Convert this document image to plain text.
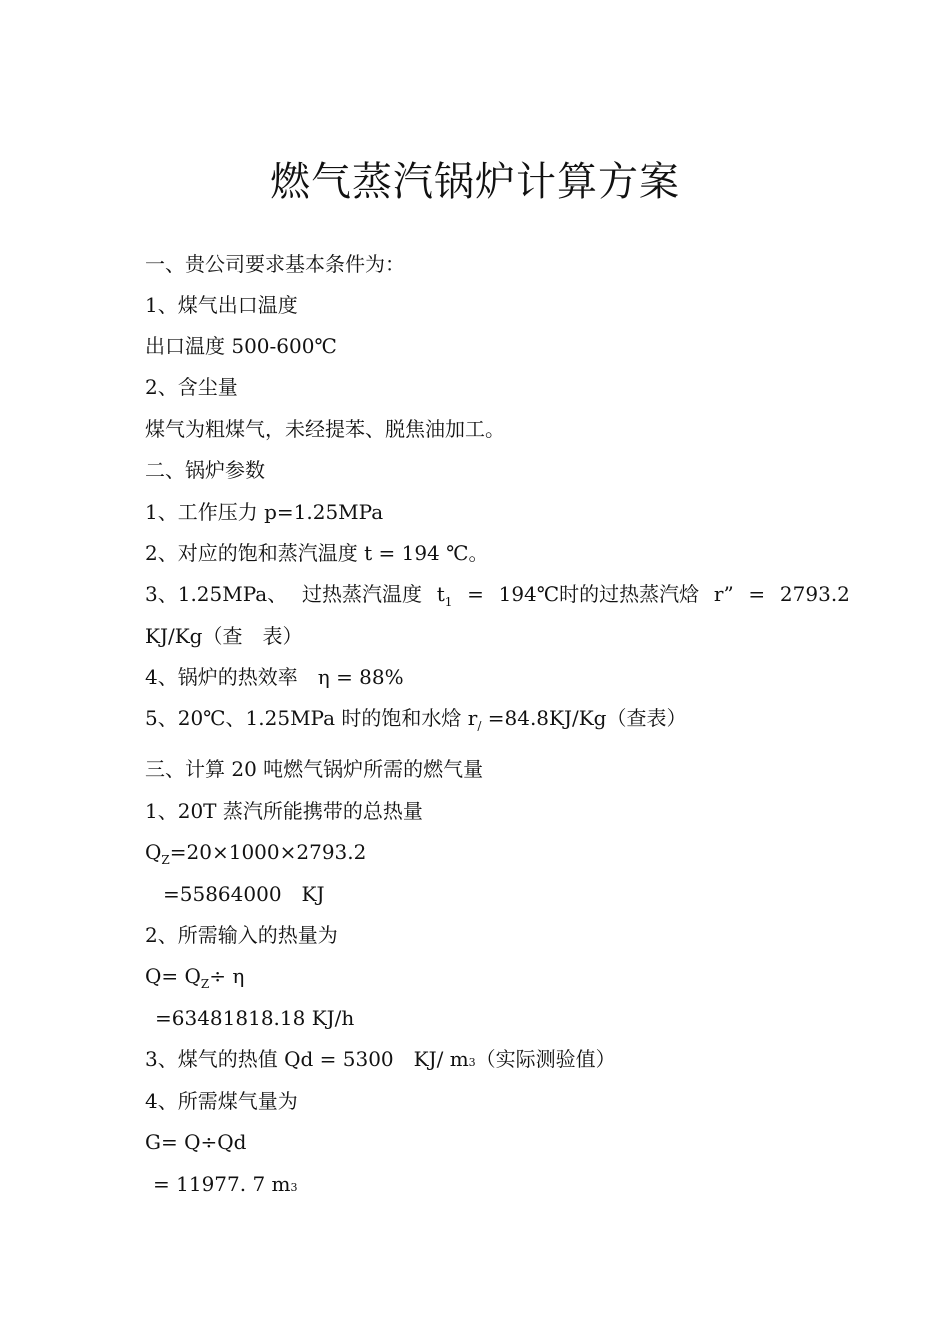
燃气蒸汽锅炉计算方案
一、贵公司要求基本条件为：
1、煤气出口温度
出口温度 500-600℃
2、含尘量
煤气为粗煤气，未经提苯、脱焦油加工。
二、锅炉参数
1、工作压力 p=1.25MPa
2、对应的饱和蒸汽温度 t = 194 ℃。
3、1.25MPa、 过热蒸汽温度 $t_1$ = 194℃时的过热蒸汽焓 r” = 2793.2
KJ/Kg（查　表）
4、锅炉的热效率　η = 88%
5、20℃、1.25MPa 时的饱和水焓 $r_/ =84.8KJ/Kg$（查表）
三、计算 20 吨燃气锅炉所需的燃气量
1、20T 蒸汽所能携带的总热量
$Q_Z=20\times 1000\times 2793.2$
=55864000　KJ
2、所需输入的热量为
$Q= Q_Z\div \eta$
=63481818.18 KJ/h
3、煤气的热值 Qd = 5300　KJ/ m3（实际测验值）
4、所需煤气量为
G= Q÷Qd
= 11977. 7 m3
